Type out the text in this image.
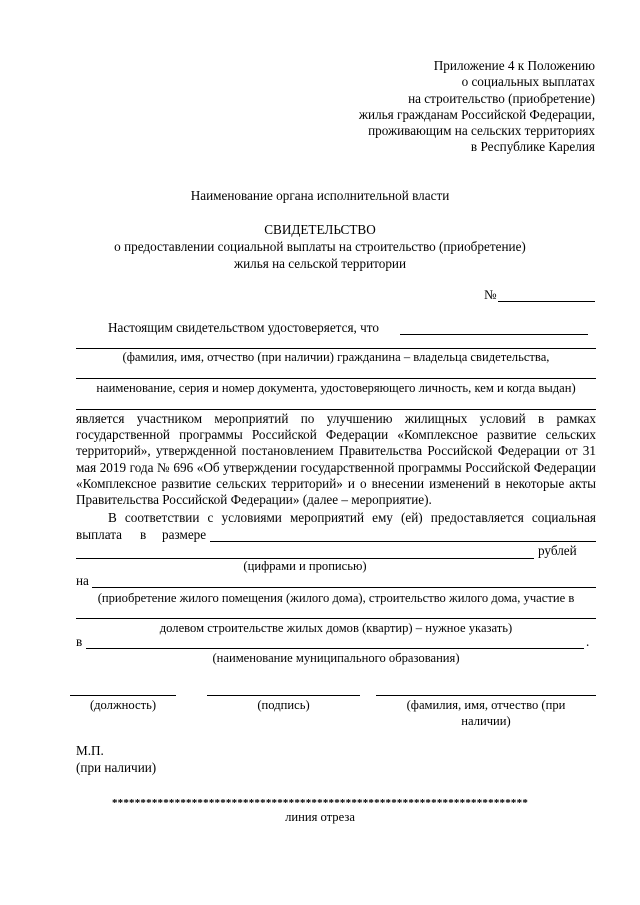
Приложение 4 к Положению
о социальных выплатах
на строительство (приобретение)
жилья гражданам Российской Федерации,
проживающим на сельских территориях
в Республике Карелия
Наименование органа исполнительной власти
СВИДЕТЕЛЬСТВО
о предоставлении социальной выплаты на строительство (приобретение)
жилья на сельской территории
№
Настоящим свидетельством удостоверяется, что
(фамилия, имя, отчество (при наличии) гражданина – владельца свидетельства,
наименование, серия и номер документа, удостоверяющего личность, кем и когда выдан)
является участником мероприятий по улучшению жилищных условий в рамках государственной программы Российской Федерации «Комплексное развитие сельских территорий», утвержденной постановлением Правительства Российской Федерации от 31 мая 2019 года № 696 «Об утверждении государственной программы Российской Федерации «Комплексное развитие сельских территорий» и о внесении изменений в некоторые акты Правительства Российской Федерации» (далее – мероприятие).
В соответствии с условиями мероприятий ему (ей) предоставляется социальная
выплата в размере
рублей
(цифрами и прописью)
на
(приобретение жилого помещения (жилого дома), строительство жилого дома, участие в
долевом строительстве жилых домов (квартир) – нужное указать)
в	.
(наименование муниципального образования)
(должность)	(подпись)	(фамилия, имя, отчество (при
наличии)
М.П.
(при наличии)
*************************************************************************
линия отреза
